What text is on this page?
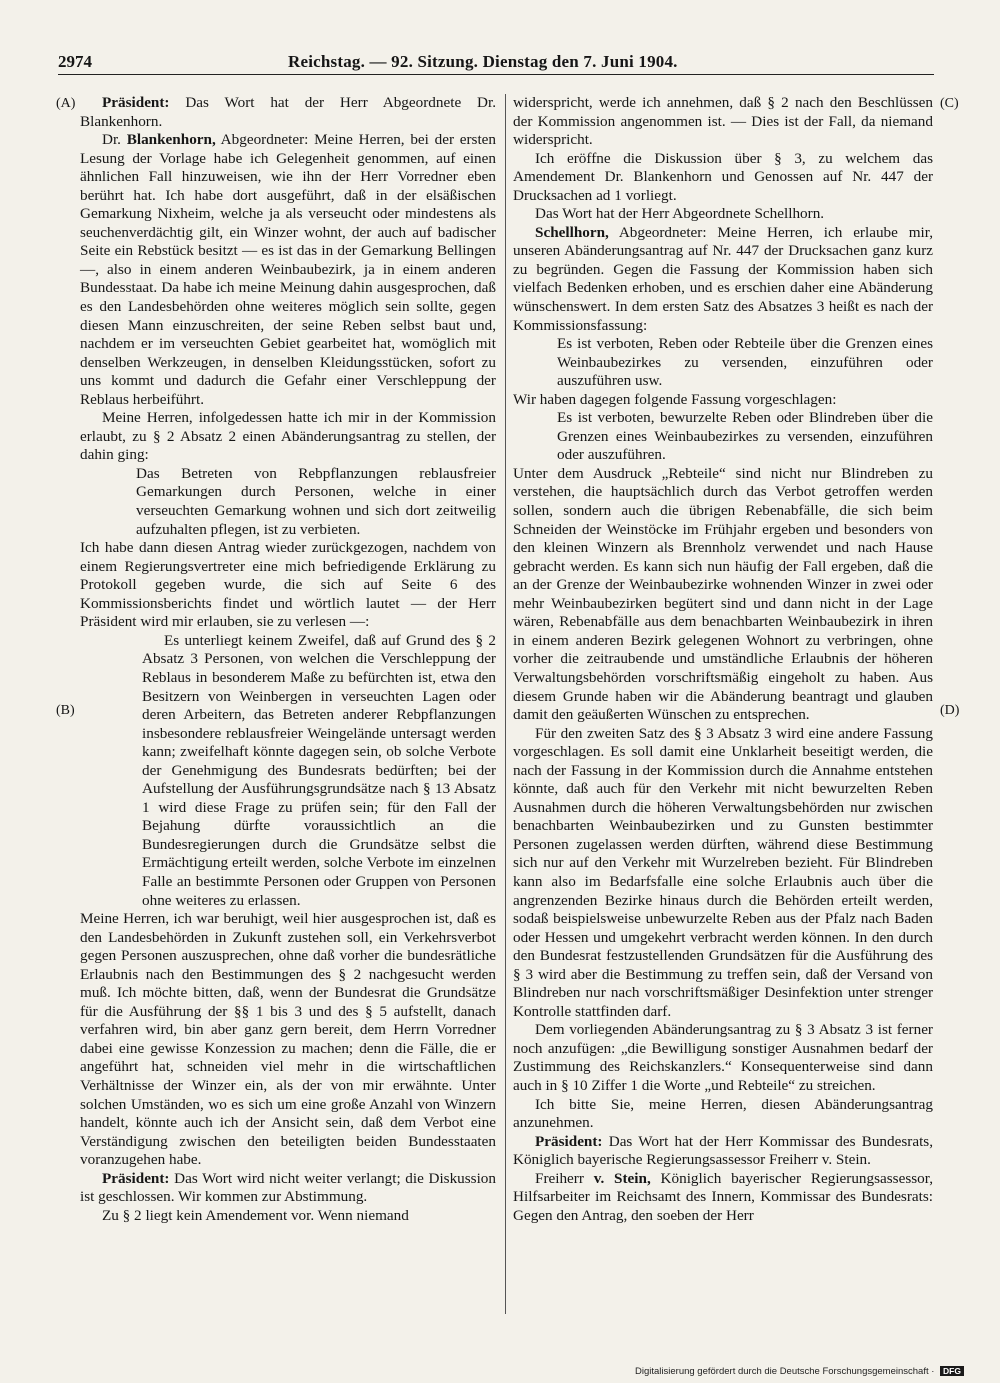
2974	Reichstag. — 92. Sitzung. Dienstag den 7. Juni 1904.
(A)
(B)
(C)
(D)

Präsident: Das Wort hat der Herr Abgeordnete Dr. Blankenhorn.

Dr. Blankenhorn, Abgeordneter: Meine Herren, bei der ersten Lesung der Vorlage habe ich Gelegenheit genommen, auf einen ähnlichen Fall hinzuweisen, wie ihn der Herr Vorredner eben berührt hat. Ich habe dort ausgeführt, daß in der elsäßischen Gemarkung Nixheim, welche ja als verseucht oder mindestens als seuchenverdächtig gilt, ein Winzer wohnt, der auch auf badischer Seite ein Rebstück besitzt — es ist das in der Gemarkung Bellingen —, also in einem anderen Weinbaubezirk, ja in einem anderen Bundesstaat. Da habe ich meine Meinung dahin ausgesprochen, daß es den Landesbehörden ohne weiteres möglich sein sollte, gegen diesen Mann einzuschreiten, der seine Reben selbst baut und, nachdem er im verseuchten Gebiet gearbeitet hat, womöglich mit denselben Werkzeugen, in denselben Kleidungsstücken, sofort zu uns kommt und dadurch die Gefahr einer Verschleppung der Reblaus herbeiführt.

Meine Herren, infolgedessen hatte ich mir in der Kommission erlaubt, zu § 2 Absatz 2 einen Abänderungsantrag zu stellen, der dahin ging:

Das Betreten von Rebpflanzungen reblausfreier Gemarkungen durch Personen, welche in einer verseuchten Gemarkung wohnen und sich dort zeitweilig aufzuhalten pflegen, ist zu verbieten.

Ich habe dann diesen Antrag wieder zurückgezogen, nachdem von einem Regierungsvertreter eine mich befriedigende Erklärung zu Protokoll gegeben wurde, die sich auf Seite 6 des Kommissionsberichts findet und wörtlich lautet — der Herr Präsident wird mir erlauben, sie zu verlesen —:

Es unterliegt keinem Zweifel, daß auf Grund des § 2 Absatz 3 Personen, von welchen die Verschleppung der Reblaus in besonderem Maße zu befürchten ist, etwa den Besitzern von Weinbergen in verseuchten Lagen oder deren Arbeitern, das Betreten anderer Rebpflanzungen insbesondere reblausfreier Weingelände untersagt werden kann; zweifelhaft könnte dagegen sein, ob solche Verbote der Genehmigung des Bundesrats bedürften; bei der Aufstellung der Ausführungsgrundsätze nach § 13 Absatz 1 wird diese Frage zu prüfen sein; für den Fall der Bejahung dürfte voraussichtlich an die Bundesregierungen durch die Grundsätze selbst die Ermächtigung erteilt werden, solche Verbote im einzelnen Falle an bestimmte Personen oder Gruppen von Personen ohne weiteres zu erlassen.

Meine Herren, ich war beruhigt, weil hier ausgesprochen ist, daß es den Landesbehörden in Zukunft zustehen soll, ein Verkehrsverbot gegen Personen auszusprechen, ohne daß vorher die bundesrätliche Erlaubnis nach den Bestimmungen des § 2 nachgesucht werden muß. Ich möchte bitten, daß, wenn der Bundesrat die Grundsätze für die Ausführung der §§ 1 bis 3 und des § 5 aufstellt, danach verfahren wird, bin aber ganz gern bereit, dem Herrn Vorredner dabei eine gewisse Konzession zu machen; denn die Fälle, die er angeführt hat, schneiden viel mehr in die wirtschaftlichen Verhältnisse der Winzer ein, als der von mir erwähnte. Unter solchen Umständen, wo es sich um eine große Anzahl von Winzern handelt, könnte auch ich der Ansicht sein, daß dem Verbot eine Verständigung zwischen den beteiligten beiden Bundesstaaten voranzugehen habe.

Präsident: Das Wort wird nicht weiter verlangt; die Diskussion ist geschlossen. Wir kommen zur Abstimmung.

Zu § 2 liegt kein Amendement vor. Wenn niemand

widerspricht, werde ich annehmen, daß § 2 nach den Beschlüssen der Kommission angenommen ist. — Dies ist der Fall, da niemand widerspricht.

Ich eröffne die Diskussion über § 3, zu welchem das Amendement Dr. Blankenhorn und Genossen auf Nr. 447 der Drucksachen ad 1 vorliegt.

Das Wort hat der Herr Abgeordnete Schellhorn.

Schellhorn, Abgeordneter: Meine Herren, ich erlaube mir, unseren Abänderungsantrag auf Nr. 447 der Drucksachen ganz kurz zu begründen. Gegen die Fassung der Kommission haben sich vielfach Bedenken erhoben, und es erschien daher eine Abänderung wünschenswert. In dem ersten Satz des Absatzes 3 heißt es nach der Kommissionsfassung:

Es ist verboten, Reben oder Rebteile über die Grenzen eines Weinbaubezirkes zu versenden, einzuführen oder auszuführen usw.

Wir haben dagegen folgende Fassung vorgeschlagen:

Es ist verboten, bewurzelte Reben oder Blindreben über die Grenzen eines Weinbaubezirkes zu versenden, einzuführen oder auszuführen.

Unter dem Ausdruck „Rebteile“ sind nicht nur Blindreben zu verstehen, die hauptsächlich durch das Verbot getroffen werden sollen, sondern auch die übrigen Rebenabfälle, die sich beim Schneiden der Weinstöcke im Frühjahr ergeben und besonders von den kleinen Winzern als Brennholz verwendet und nach Hause gebracht werden. Es kann sich nun häufig der Fall ergeben, daß die an der Grenze der Weinbaubezirke wohnenden Winzer in zwei oder mehr Weinbaubezirken begütert sind und dann nicht in der Lage wären, Rebenabfälle aus dem benachbarten Weinbaubezirk in ihren in einem anderen Bezirk gelegenen Wohnort zu verbringen, ohne vorher die zeitraubende und umständliche Erlaubnis der höheren Verwaltungsbehörden vorschriftsmäßig eingeholt zu haben. Aus diesem Grunde haben wir die Abänderung beantragt und glauben damit den geäußerten Wünschen zu entsprechen.

Für den zweiten Satz des § 3 Absatz 3 wird eine andere Fassung vorgeschlagen. Es soll damit eine Unklarheit beseitigt werden, die nach der Fassung in der Kommission durch die Annahme entstehen könnte, daß auch für den Verkehr mit nicht bewurzelten Reben Ausnahmen durch die höheren Verwaltungsbehörden nur zwischen benachbarten Weinbaubezirken und zu Gunsten bestimmter Personen zugelassen werden dürften, während diese Bestimmung sich nur auf den Verkehr mit Wurzelreben bezieht. Für Blindreben kann also im Bedarfsfalle eine solche Erlaubnis auch über die angrenzenden Bezirke hinaus durch die Behörden erteilt werden, sodaß beispielsweise unbewurzelte Reben aus der Pfalz nach Baden oder Hessen und umgekehrt verbracht werden können. In den durch den Bundesrat festzustellenden Grundsätzen für die Ausführung des § 3 wird aber die Bestimmung zu treffen sein, daß der Versand von Blindreben nur nach vorschriftsmäßiger Desinfektion unter strenger Kontrolle stattfinden darf.

Dem vorliegenden Abänderungsantrag zu § 3 Absatz 3 ist ferner noch anzufügen: „die Bewilligung sonstiger Ausnahmen bedarf der Zustimmung des Reichskanzlers.“ Konsequenterweise sind dann auch in § 10 Ziffer 1 die Worte „und Rebteile“ zu streichen.

Ich bitte Sie, meine Herren, diesen Abänderungsantrag anzunehmen.

Präsident: Das Wort hat der Herr Kommissar des Bundesrats, Königlich bayerische Regierungsassessor Freiherr v. Stein.

Freiherr v. Stein, Königlich bayerischer Regierungsassessor, Hilfsarbeiter im Reichsamt des Innern, Kommissar des Bundesrats: Gegen den Antrag, den soeben der Herr

Digitalisierung gefördert durch die Deutsche Forschungsgemeinschaft · DFG
